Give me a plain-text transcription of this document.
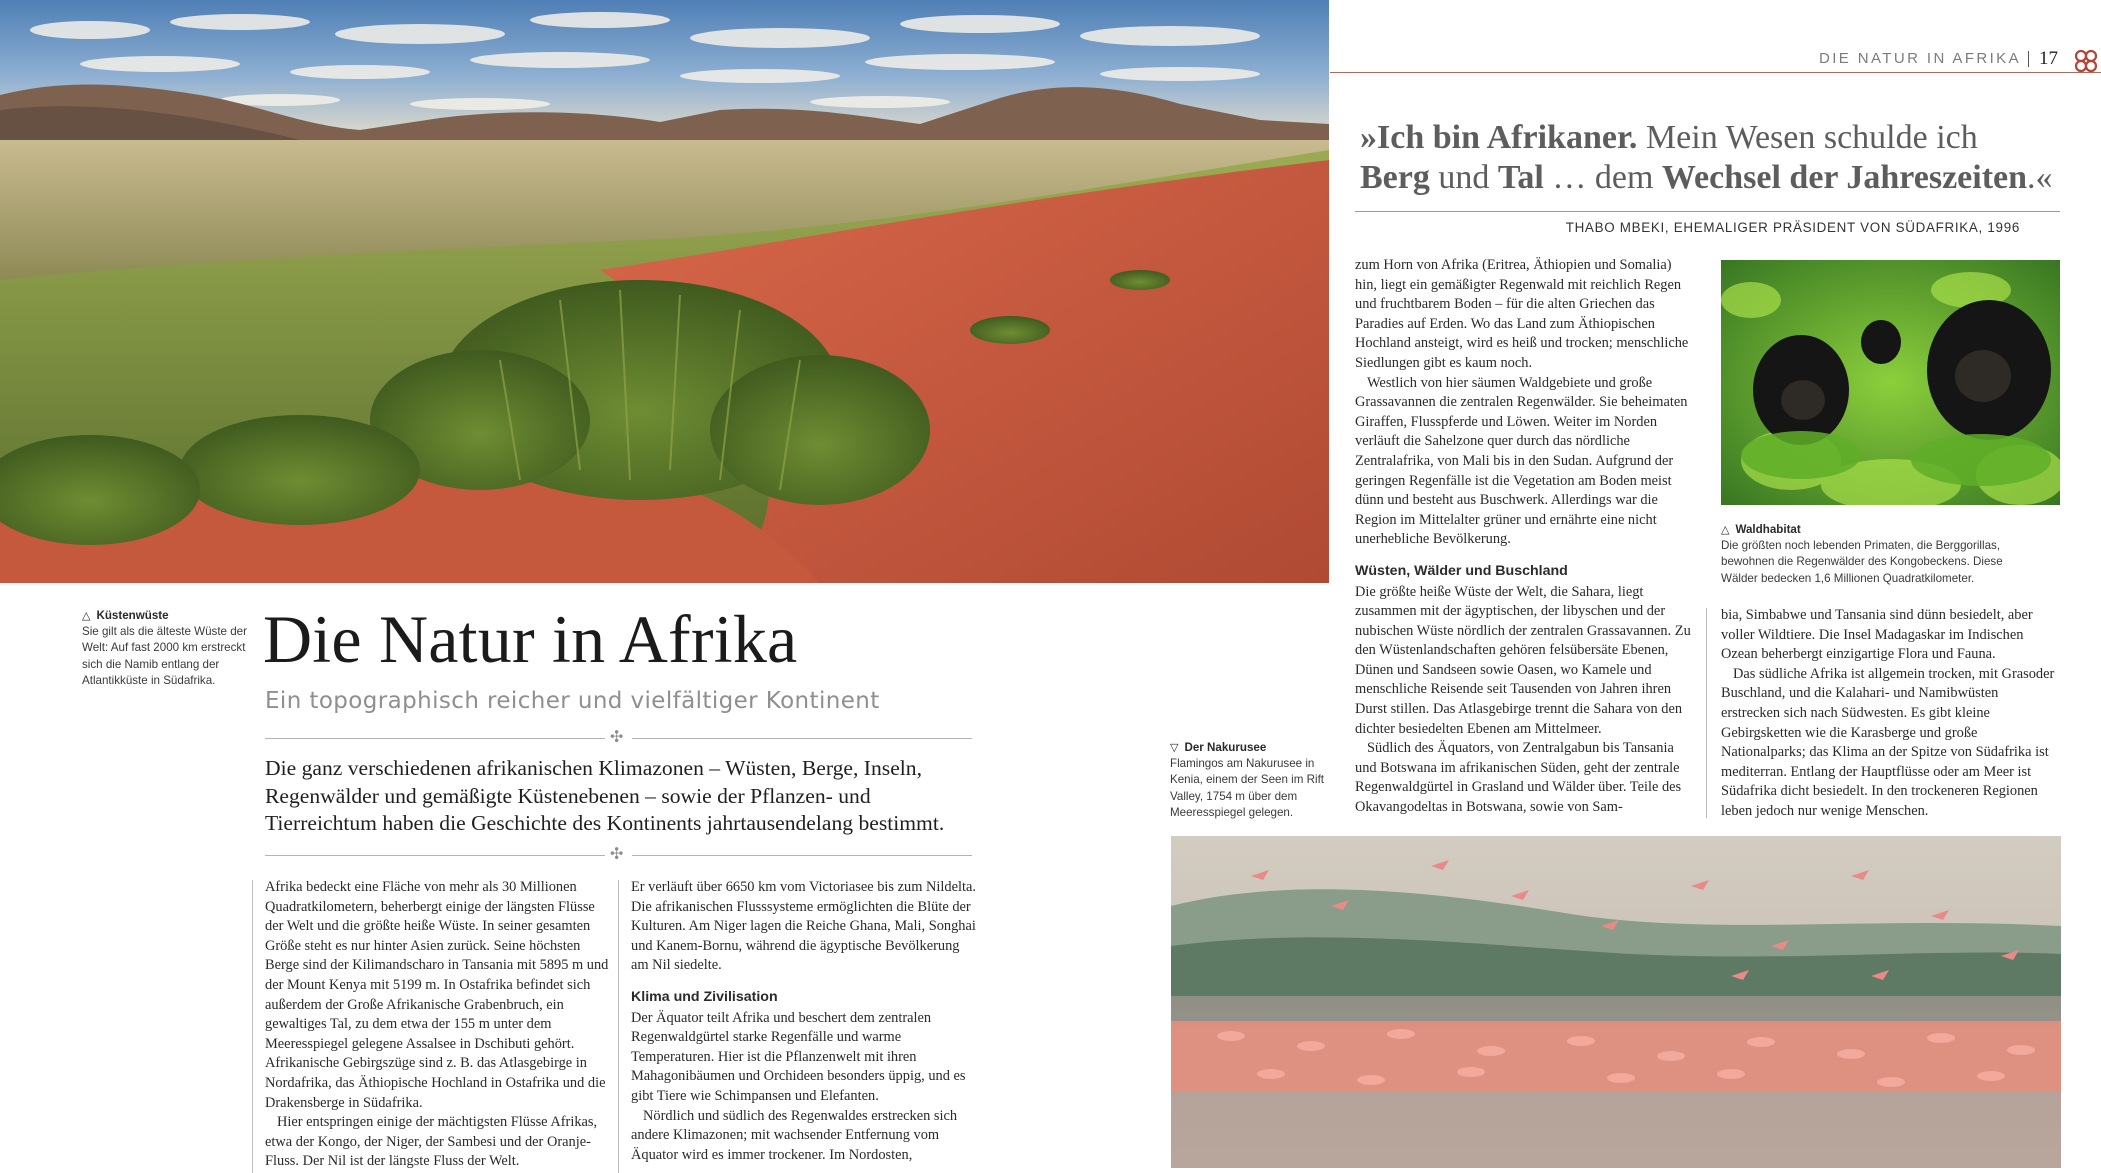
DIE NATUR IN AFRIKA 17
»Ich bin Afrikaner. Mein Wesen schulde ich
Berg und Tal … dem Wechsel der Jahreszeiten.«
THABO MBEKI, EHEMALIGER PRÄSIDENT VON SÜDAFRIKA, 1996
△ Küstenwüste
Sie gilt als die älteste Wüste der Welt: Auf fast 2000 km erstreckt sich die Namib entlang der Atlantikküste in Südafrika.
▽ Der Nakurusee
Flamingos am Nakurusee in Kenia, einem der Seen im Rift Valley, 1754 m über dem Meeresspiegel gelegen.
△ Waldhabitat
Die größten noch lebenden Primaten, die Berggorillas, bewohnen die Regenwälder des Kongobeckens. Diese Wälder bedecken 1,6 Millionen Quadratkilometer.
Die Natur in Afrika
Ein topographisch reicher und vielfältiger Kontinent
✣
Die ganz verschiedenen afrikanischen Klimazonen – Wüsten, Berge, Inseln, Regenwälder und gemäßigte Küstenebenen – sowie der Pflanzen- und Tierreichtum haben die Geschichte des Kontinents jahrtausendelang bestimmt.
✣

Afrika bedeckt eine Fläche von mehr als 30 Millionen Quadratkilometern, beherbergt einige der längsten Flüsse der Welt und die größte heiße Wüste. In seiner gesamten Größe steht es nur hinter Asien zurück. Seine höchsten Berge sind der Kilimandscharo in Tansania mit 5895 m und der Mount Kenya mit 5199 m. In Ostafrika befindet sich außerdem der Große Afrikanische Grabenbruch, ein gewaltiges Tal, zu dem etwa der 155 m unter dem Meeresspiegel gelegene Assalsee in Dschibuti gehört. Afrikanische Gebirgszüge sind z. B. das Atlasgebirge in Nordafrika, das Äthiopische Hochland in Ostafrika und die Drakensberge in Südafrika.

Hier entspringen einige der mächtigsten Flüsse Afrikas, etwa der Kongo, der Niger, der Sambesi und der Oranje-Fluss. Der Nil ist der längste Fluss der Welt.

Er verläuft über 6650 km vom Victoriasee bis zum Nildelta. Die afrikanischen Flusssysteme ermöglichten die Blüte der Kulturen. Am Niger lagen die Reiche Ghana, Mali, Songhai und Kanem-Bornu, während die ägyptische Bevölkerung am Nil siedelte.

Klima und Zivilisation

Der Äquator teilt Afrika und beschert dem zentralen Regenwaldgürtel starke Regenfälle und warme Temperaturen. Hier ist die Pflanzenwelt mit ihren Mahagonibäumen und Orchideen besonders üppig, und es gibt Tiere wie Schimpansen und Elefanten.

Nördlich und südlich des Regenwaldes erstrecken sich andere Klimazonen; mit wachsender Entfernung vom Äquator wird es immer trockener. Im Nordosten,

zum Horn von Afrika (Eritrea, Äthiopien und Somalia) hin, liegt ein gemäßigter Regenwald mit reichlich Regen und fruchtbarem Boden – für die alten Griechen das Paradies auf Erden. Wo das Land zum Äthiopischen Hochland ansteigt, wird es heiß und trocken; menschliche Siedlungen gibt es kaum noch.

Westlich von hier säumen Waldgebiete und große Grassavannen die zentralen Regenwälder. Sie beheimaten Giraffen, Flusspferde und Löwen. Weiter im Norden verläuft die Sahelzone quer durch das nördliche Zentralafrika, von Mali bis in den Sudan. Aufgrund der geringen Regenfälle ist die Vegetation am Boden meist dünn und besteht aus Buschwerk. Allerdings war die Region im Mittelalter grüner und ernährte eine nicht unerhebliche Bevölkerung.

Wüsten, Wälder und Buschland

Die größte heiße Wüste der Welt, die Sahara, liegt zusammen mit der ägyptischen, der libyschen und der nubischen Wüste nördlich der zentralen Grassavannen. Zu den Wüstenlandschaften gehören felsübersäte Ebenen, Dünen und Sandseen sowie Oasen, wo Kamele und menschliche Reisende seit Tausenden von Jahren ihren Durst stillen. Das Atlasgebirge trennt die Sahara von den dichter besiedelten Ebenen am Mittelmeer.

Südlich des Äquators, von Zentralgabun bis Tansania und Botswana im afrikanischen Süden, geht der zentrale Regenwaldgürtel in Grasland und Wälder über. Teile des Okavangodeltas in Botswana, sowie von Sam-

bia, Simbabwe und Tansania sind dünn besiedelt, aber voller Wildtiere. Die Insel Madagaskar im Indischen Ozean beherbergt einzigartige Flora und Fauna.

Das südliche Afrika ist allgemein trocken, mit Grasoder Buschland, und die Kalahari- und Namibwüsten erstrecken sich nach Südwesten. Es gibt kleine Gebirgsketten wie die Karasberge und große Nationalparks; das Klima an der Spitze von Südafrika ist mediterran. Entlang der Hauptflüsse oder am Meer ist Südafrika dicht besiedelt. In den trockeneren Regionen leben jedoch nur wenige Menschen.
